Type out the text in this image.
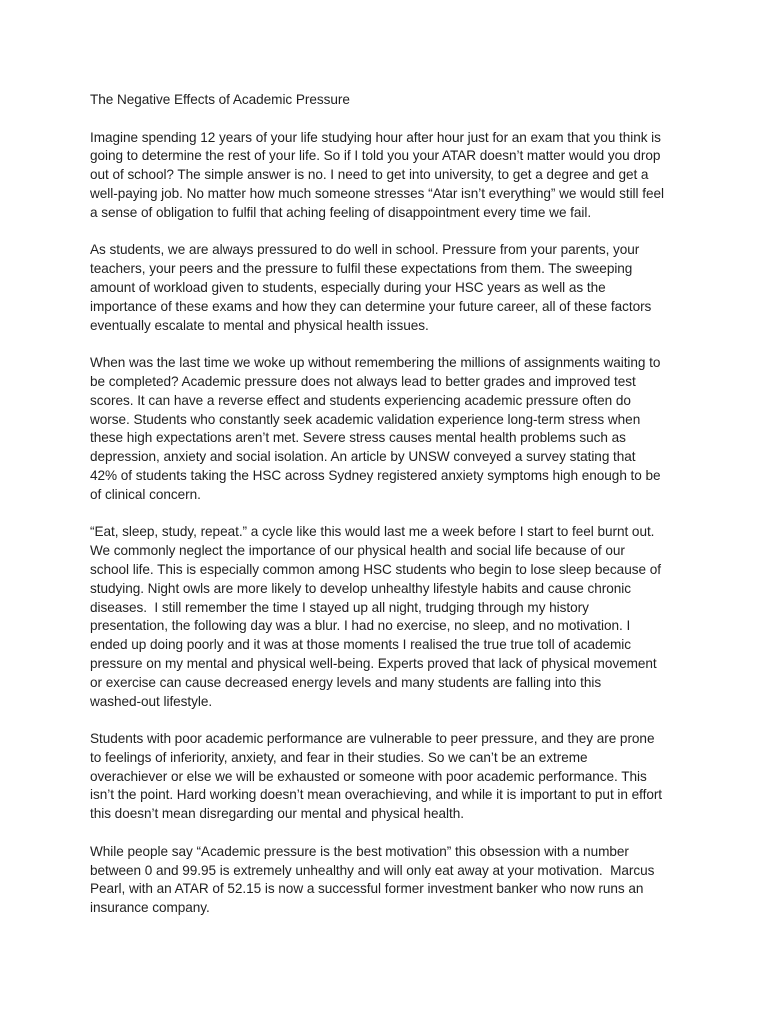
The Negative Effects of Academic Pressure
Imagine spending 12 years of your life studying hour after hour just for an exam that you think is
going to determine the rest of your life. So if I told you your ATAR doesn’t matter would you drop
out of school? The simple answer is no. I need to get into university, to get a degree and get a
well-paying job. No matter how much someone stresses “Atar isn’t everything” we would still feel
a sense of obligation to fulfil that aching feeling of disappointment every time we fail.
As students, we are always pressured to do well in school. Pressure from your parents, your
teachers, your peers and the pressure to fulfil these expectations from them. The sweeping
amount of workload given to students, especially during your HSC years as well as the
importance of these exams and how they can determine your future career, all of these factors
eventually escalate to mental and physical health issues.
When was the last time we woke up without remembering the millions of assignments waiting to
be completed? Academic pressure does not always lead to better grades and improved test
scores. It can have a reverse effect and students experiencing academic pressure often do
worse. Students who constantly seek academic validation experience long-term stress when
these high expectations aren’t met. Severe stress causes mental health problems such as
depression, anxiety and social isolation. An article by UNSW conveyed a survey stating that
42% of students taking the HSC across Sydney registered anxiety symptoms high enough to be
of clinical concern.
“Eat, sleep, study, repeat.” a cycle like this would last me a week before I start to feel burnt out.
We commonly neglect the importance of our physical health and social life because of our
school life. This is especially common among HSC students who begin to lose sleep because of
studying. Night owls are more likely to develop unhealthy lifestyle habits and cause chronic
diseases.  I still remember the time I stayed up all night, trudging through my history
presentation, the following day was a blur. I had no exercise, no sleep, and no motivation. I
ended up doing poorly and it was at those moments I realised the true true toll of academic
pressure on my mental and physical well-being. Experts proved that lack of physical movement
or exercise can cause decreased energy levels and many students are falling into this
washed-out lifestyle.
Students with poor academic performance are vulnerable to peer pressure, and they are prone
to feelings of inferiority, anxiety, and fear in their studies. So we can’t be an extreme
overachiever or else we will be exhausted or someone with poor academic performance. This
isn’t the point. Hard working doesn’t mean overachieving, and while it is important to put in effort
this doesn’t mean disregarding our mental and physical health.
While people say “Academic pressure is the best motivation” this obsession with a number
between 0 and 99.95 is extremely unhealthy and will only eat away at your motivation.  Marcus
Pearl, with an ATAR of 52.15 is now a successful former investment banker who now runs an
insurance company.
